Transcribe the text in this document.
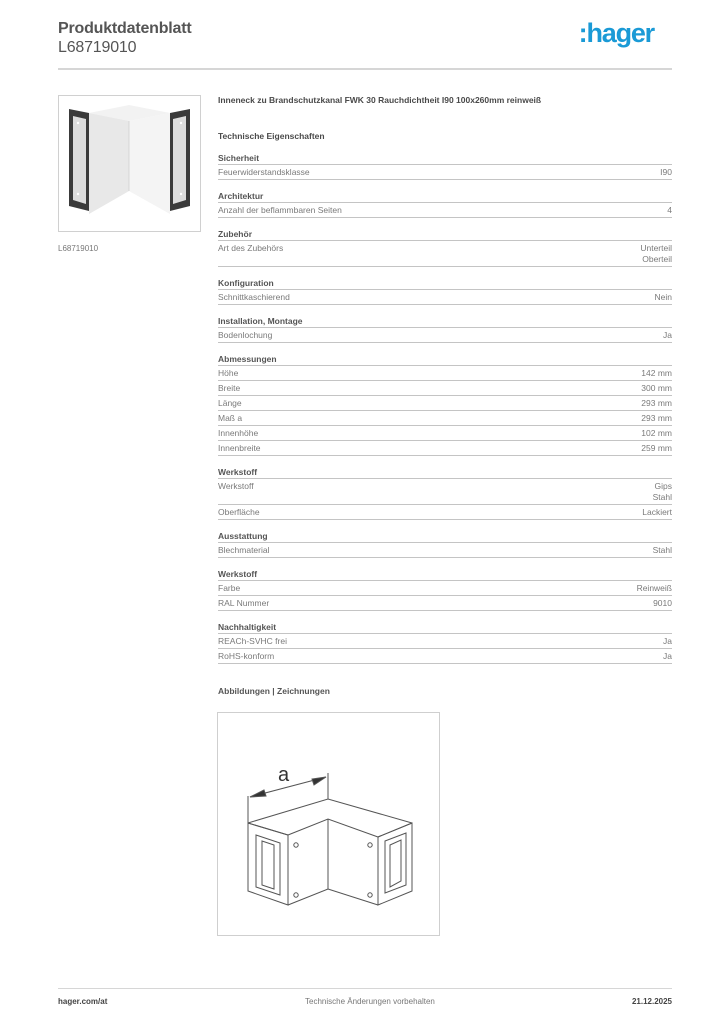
Produktdatenblatt
L68719010	:hager
L68719010
Inneneck zu Brandschutzkanal FWK 30 Rauchdichtheit I90 100x260mm reinweiß
Technische Eigenschaften
Sicherheit
Feuerwiderstandsklasse	I90
Architektur
Anzahl der beflammbaren Seiten	4
Zubehör
Art des Zubehörs	Unterteil
Oberteil
Konfiguration
Schnittkaschierend	Nein
Installation, Montage
Bodenlochung	Ja
Abmessungen
Höhe	142 mm
Breite	300 mm
Länge	293 mm
Maß a	293 mm
Innenhöhe	102 mm
Innenbreite	259 mm
Werkstoff
Werkstoff	Gips
Stahl
Oberfläche	Lackiert
Ausstattung
Blechmaterial	Stahl
Werkstoff
Farbe	Reinweiß
RAL Nummer	9010
Nachhaltigkeit
REACh-SVHC frei	Ja
RoHS-konform	Ja
Abbildungen | Zeichnungen
a
hager.com/at	Technische Änderungen vorbehalten	21.12.2025
